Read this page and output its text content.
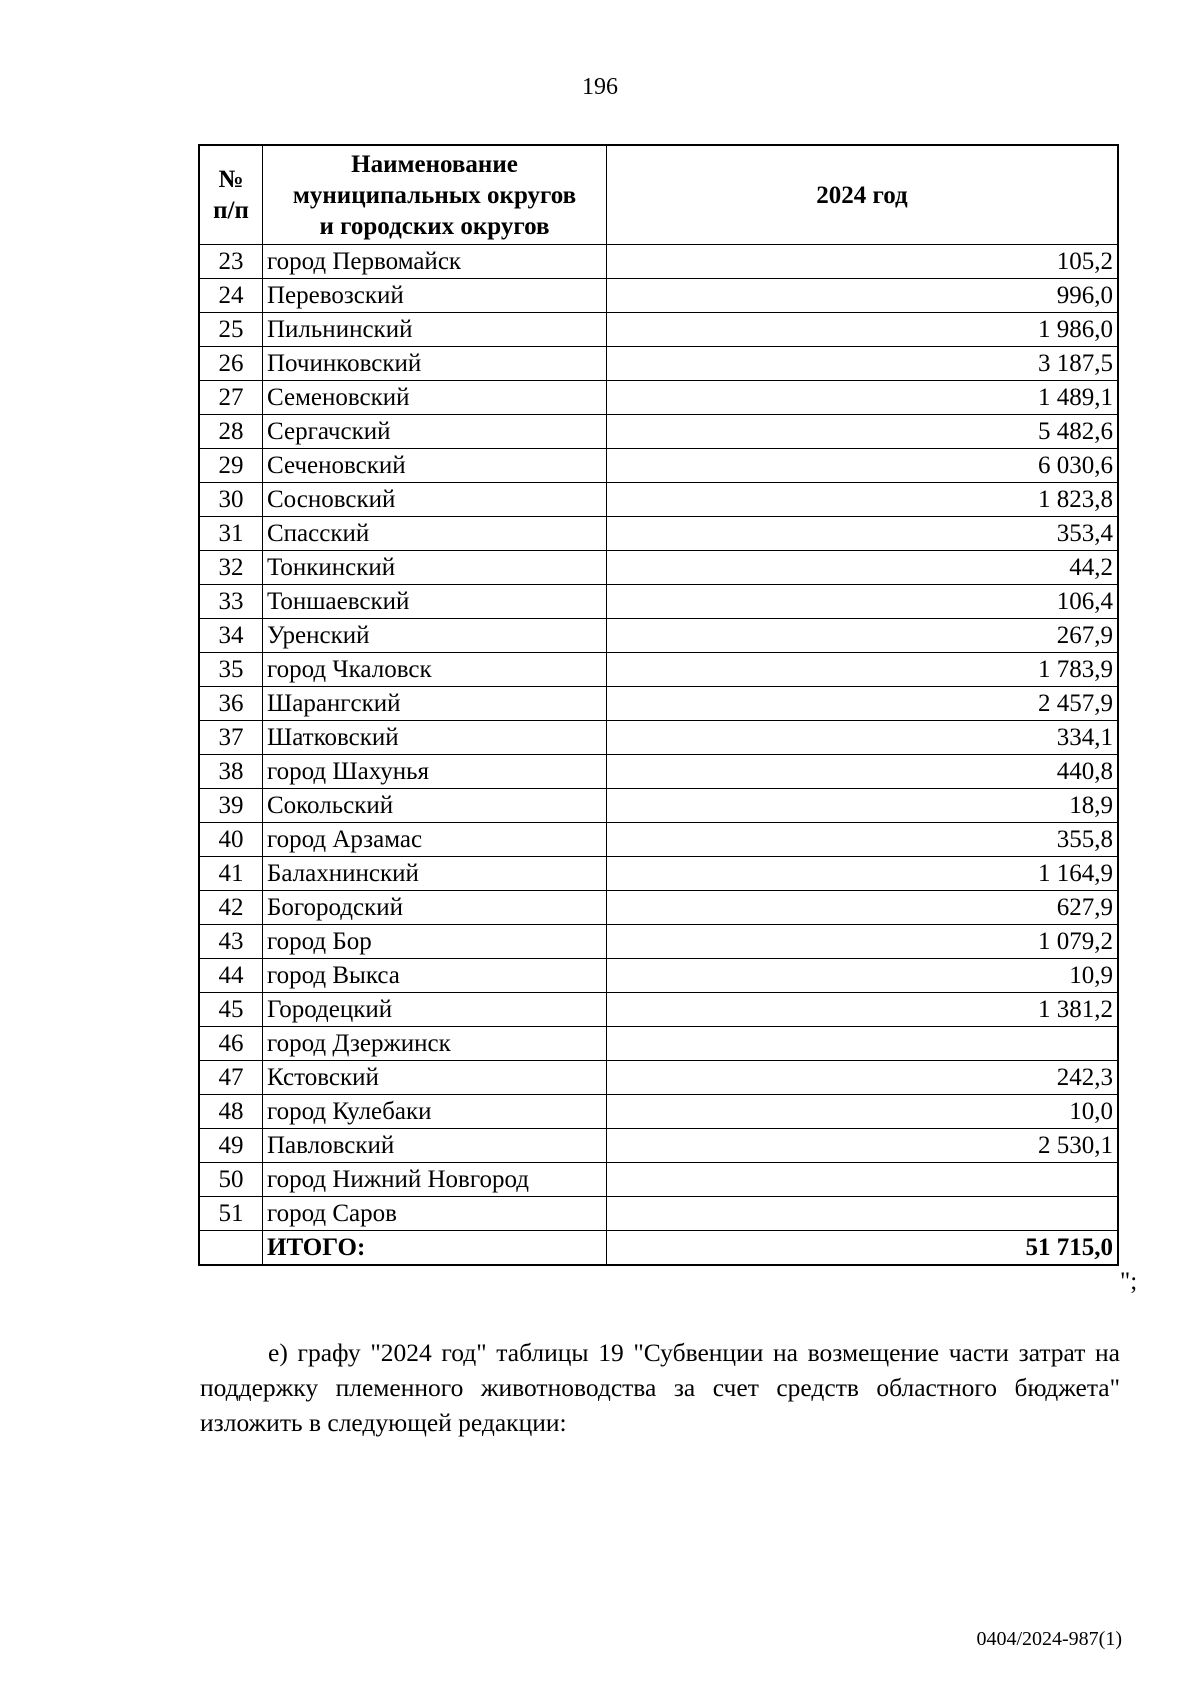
196
№
п/п	Наименование
муниципальных округов
и городских округов	2024 год
23	город Первомайск	105,2
24	Перевозский	996,0
25	Пильнинский	1 986,0
26	Починковский	3 187,5
27	Семеновский	1 489,1
28	Сергачский	5 482,6
29	Сеченовский	6 030,6
30	Сосновский	1 823,8
31	Спасский	353,4
32	Тонкинский	44,2
33	Тоншаевский	106,4
34	Уренский	267,9
35	город Чкаловск	1 783,9
36	Шарангский	2 457,9
37	Шатковский	334,1
38	город Шахунья	440,8
39	Сокольский	18,9
40	город Арзамас	355,8
41	Балахнинский	1 164,9
42	Богородский	627,9
43	город Бор	1 079,2
44	город Выкса	10,9
45	Городецкий	1 381,2
46	город Дзержинск	
47	Кстовский	242,3
48	город Кулебаки	10,0
49	Павловский	2 530,1
50	город Нижний Новгород	
51	город Саров	
	ИТОГО:	51 715,0
";
е) графу "2024 год" таблицы 19 "Субвенции на возмещение части затрат на поддержку племенного животноводства за счет средств областного бюджета" изложить в следующей редакции:
0404/2024-987(1)
